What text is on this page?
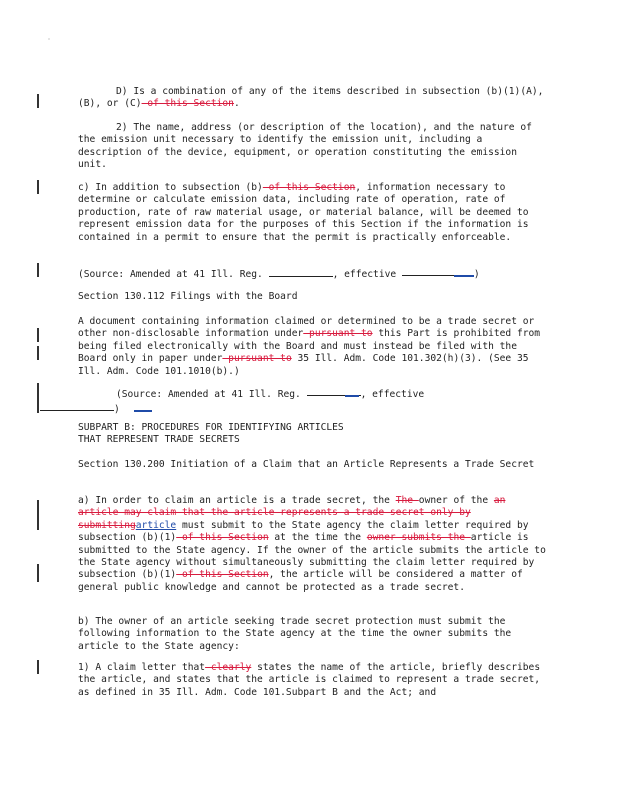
D) Is a combination of any of the items described in subsection (b)(1)(A), (B), or (C) of this Section.

2) The name, address (or description of the location), and the nature of the emission unit necessary to identify the emission unit, including a description of the device, equipment, or operation constituting the emission unit.

c) In addition to subsection (b) of this Section, information necessary to determine or calculate emission data, including rate of operation, rate of production, rate of raw material usage, or material balance, will be deemed to represent emission data for the purposes of this Section if the information is contained in a permit to ensure that the permit is practically enforceable.

(Source: Amended at 41 Ill. Reg.	, effective	)

Section 130.112 Filings with the Board

A document containing information claimed or determined to be a trade secret or other non-disclosable information under pursuant to this Part is prohibited from being filed electronically with the Board and must instead be filed with the Board only in paper under pursuant to 35 Ill. Adm. Code 101.302(h)(3). (See 35 Ill. Adm. Code 101.1010(b).)

(Source: Amended at 41 Ill. Reg.	, effective
)

SUBPART B: PROCEDURES FOR IDENTIFYING ARTICLES
THAT REPRESENT TRADE SECRETS

Section 130.200 Initiation of a Claim that an Article Represents a Trade Secret

a) In order to claim an article is a trade secret, the The owner of the an article may claim that the article represents a trade secret only by submittingarticle must submit to the State agency the claim letter required by subsection (b)(1) of this Section at the time the owner submits the article is submitted to the State agency. If the owner of the article submits the article to the State agency without simultaneously submitting the claim letter required by subsection (b)(1) of this Section, the article will be considered a matter of general public knowledge and cannot be protected as a trade secret.

b) The owner of an article seeking trade secret protection must submit the following information to the State agency at the time the owner submits the article to the State agency:

1) A claim letter that clearly states the name of the article, briefly describes the article, and states that the article is claimed to represent a trade secret, as defined in 35 Ill. Adm. Code 101.Subpart B and the Act; and
